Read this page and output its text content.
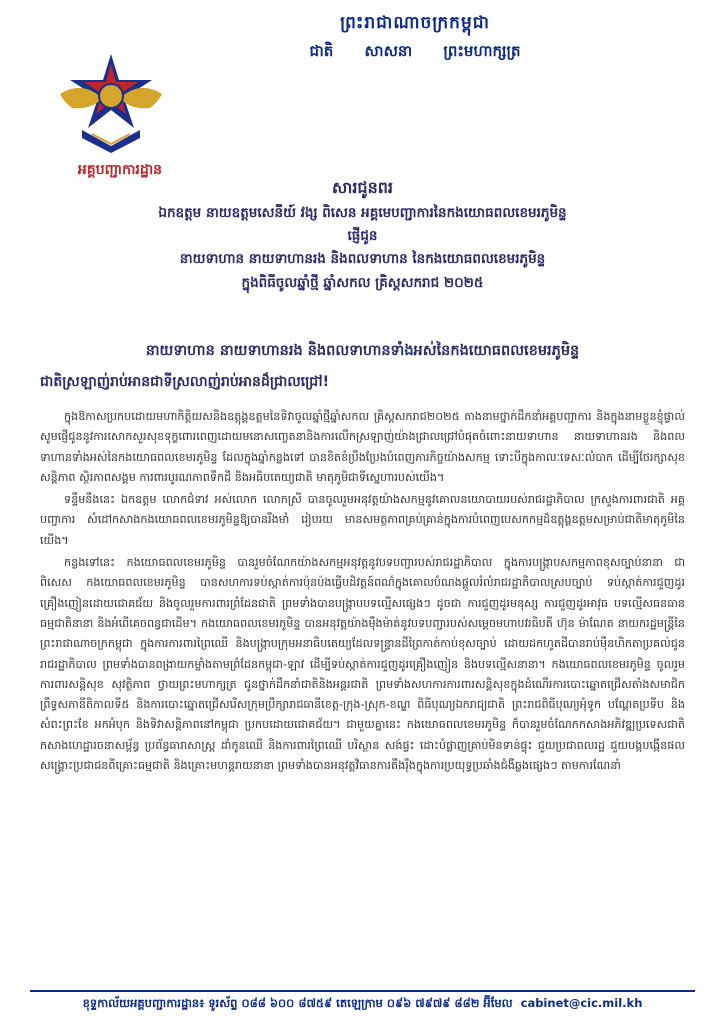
អគ្គបញ្ជាការដ្ឋាន
ព្រះរាជាណាចក្រកម្ពុជា
ជាតិ សាសនា ព្រះមហាក្សត្រ
សារជូនពរ
ឯកឧត្តម នាយឧត្តមសេនីយ៍ វង្ស ពិសេន អគ្គមេបញ្ជាការនៃកងយោធពលខេមរភូមិន្ទ
ផ្ញើជូន
នាយទាហាន នាយទាហានរង និងពលទាហាន នៃកងយោធពលខេមរភូមិន្ទ
ក្នុងពិធីចូលឆ្នាំថ្មី ឆ្នាំសកល គ្រិស្តសករាជ ២០២៥
នាយទាហាន នាយទាហានរង និងពលទាហានទាំងអស់នៃកងយោធពលខេមរភូមិន្ទ
ជាតិស្រឡាញ់រាប់អានជាទីស្រលាញ់រាប់អានដ៏ជ្រាលជ្រៅ!

ក្នុងឱកាសប្រកបដោយមហាកិត្តិយសនិងឧត្តុង្គឧត្តមនៃទិវាចូលឆ្នាំថ្មីឆ្នាំសកល គ្រិស្តសករាជ២០២៥ តាងនាមថ្នាក់ដឹកនាំអគ្គបញ្ជាការ និងក្នុងនាមខ្លួនខ្ញុំផ្ទាល់ សូមផ្ញើជូននូវការសោកសួរសុខទុក្ខពោរពេញដោយមនោសញ្ចេតនានិងការលើកស្រឡាញ់យ៉ាងជ្រាលជ្រៅបំផុតចំពោះនាយទាហាន នាយទាហានរង និងពលទាហានទាំងអស់នៃកងយោធពលខេមរភូមិន្ទ ដែលក្នុងឆ្នាំកន្លងទៅ បានខិតខំប្រឹងប្រែងបំពេញភារកិច្ចយ៉ាងសកម្ម ទោះបីក្នុងកាលៈទេសៈលំបាក ដើម្បីថែរក្សាសុខសន្តិភាព ស្ថិរភាពសង្គម ការពារបូរណភាពទឹកដី និងអធិបតេយ្យជាតិ មាតុភូមិជាទីស្នេហារបស់យើង។

ទន្ទឹមនឹងនេះ ឯកឧត្តម លោកជំទាវ អស់លោក លោកស្រី បានចូលរួមអនុវត្តយ៉ាងសកម្មនូវគោលនយោបាយរបស់រាជរដ្ឋាភិបាល ក្រសួងការពារជាតិ អគ្គបញ្ជាការ សំដៅកសាងកងយោធពលខេមរភូមិន្ទឱ្យបានរឹងមាំ រៀបរយ មានសមត្ថភាពគ្រប់គ្រាន់ក្នុងការបំពេញបេសកកម្មដ៏ឧត្តុង្គឧត្តមសម្រាប់ជាតិមាតុភូមិនៃយើង។

កន្លងទៅនេះ កងយោធពលខេមរភូមិន្ទ បានរួមចំណែកយ៉ាងសកម្មអនុវត្តនូវបទបញ្ជារបស់រាជរដ្ឋាភិបាល ក្នុងការបង្ក្រាបសកម្មភាពខុសច្បាប់នានា ជាពិសេស កងយោធពលខេមរភូមិន្ទ បានសហការទប់ស្កាត់ការប៉ុនប៉ងធ្វើបដិវត្តន៍ពណ៌ក្នុងគោលបំណងផ្តួលរំលំរាជរដ្ឋាភិបាលស្របច្បាប់ ទប់ស្កាត់ការជួញដូរគ្រឿងញៀនដោយជោគជ័យ និងចូលរួមការពារព្រំដែនជាតិ ព្រមទាំងបានបង្ក្រាបបទល្មើសផ្សេងៗ ដូចជា ការជួញដូរមនុស្ស ការជួញដូរអាវុធ បទល្មើសធនធានធម្មជាតិនានា និងអំពើគេចពន្ធជាដើម។ កងយោធពលខេមរភូមិន្ទ បានអនុវត្តយ៉ាងម៉ឺងម៉ាត់នូវបទបញ្ជារបស់សម្តេចមហាបវរធិបតី ហ៊ុន ម៉ាណែត នាយករដ្ឋមន្ត្រីនៃព្រះរាជាណាចក្រកម្ពុជា ក្នុងការការពារព្រៃឈើ និងបង្ក្រាបក្រុមអនាធិបតេយ្យដែលទន្ទ្រានដីព្រៃកាត់កាប់ខុសច្បាប់ ដោយដកហូតដីបានរាប់ម៉ឺនហិកតាប្រគល់ជូនរាជរដ្ឋាភិបាល ព្រមទាំងបានពង្រាយកម្លាំងតាមព្រំដែនកម្ពុជា-ឡាវ ដើម្បីទប់ស្កាត់ការជួញដូរគ្រឿងញៀន និងបទល្មើសនានា។ កងយោធពលខេមរភូមិន្ទ ចូលរួមការពារសន្តិសុខ សុវត្ថិភាព ថ្វាយព្រះមហាក្សត្រ ជូនថ្នាក់ដឹកនាំជាតិនិងអន្តរជាតិ ព្រមទាំងសហការការពារសន្តិសុខក្នុងដំណើរការបោះឆ្នោតជ្រើសតាំងសមាជិកព្រឹទ្ធសភានីតិកាលទី៥ និងការបោះឆ្នោតជ្រើសរើសក្រុមប្រឹក្សារាជធានីខេត្ត-ក្រុង-ស្រុក-ខណ្ឌ ពិធីបុណ្យឯករាជ្យជាតិ ព្រះរាជពិធីបុណ្យអុំទូក បណ្តែតប្រទីប និងសំពះព្រះខែ អកអំបុក និងទិវាសន្តិភាពនៅកម្ពុជា ប្រកបដោយជោគជ័យ។ ជាមួយគ្នានេះ កងយោធពលខេមរភូមិន្ទ ក៏បានរួមចំណែកកសាងអភិវឌ្ឍប្រទេសជាតិ កសាងហេដ្ឋារចនាសម្ព័ន្ធ ប្រព័ន្ធធារាសាស្ត្រ ដាំកូនឈើ និងការពារព្រៃឈើ បរិស្ថាន សង់ផ្ទះ ដោះបំផ្លាញគ្រាប់មិនទាន់ផ្ទុះ ជួយប្រជាពលរដ្ឋ ជួយបង្កបង្កើនផល សង្គ្រោះប្រជាជនពីគ្រោះធម្មជាតិ និងគ្រោះមហន្តរាយនានា ព្រមទាំងបានអនុវត្តវិធានការតឹងរ៉ឹងក្នុងការប្រយុទ្ធប្រឆាំងជំងឺឆ្លងផ្សេងៗ តាមការណែនាំ

ខុទ្ទកាល័យអគ្គបញ្ជាការដ្ឋាន៖ ទូរស័ព្ទ ០៨៨ ៦០០ ៨៧៥៩ តេឡេក្រាម ០៩៦ ៧៩៧៩ ៨៨២ អ៊ីមែល cabinet@cic.mil.kh
